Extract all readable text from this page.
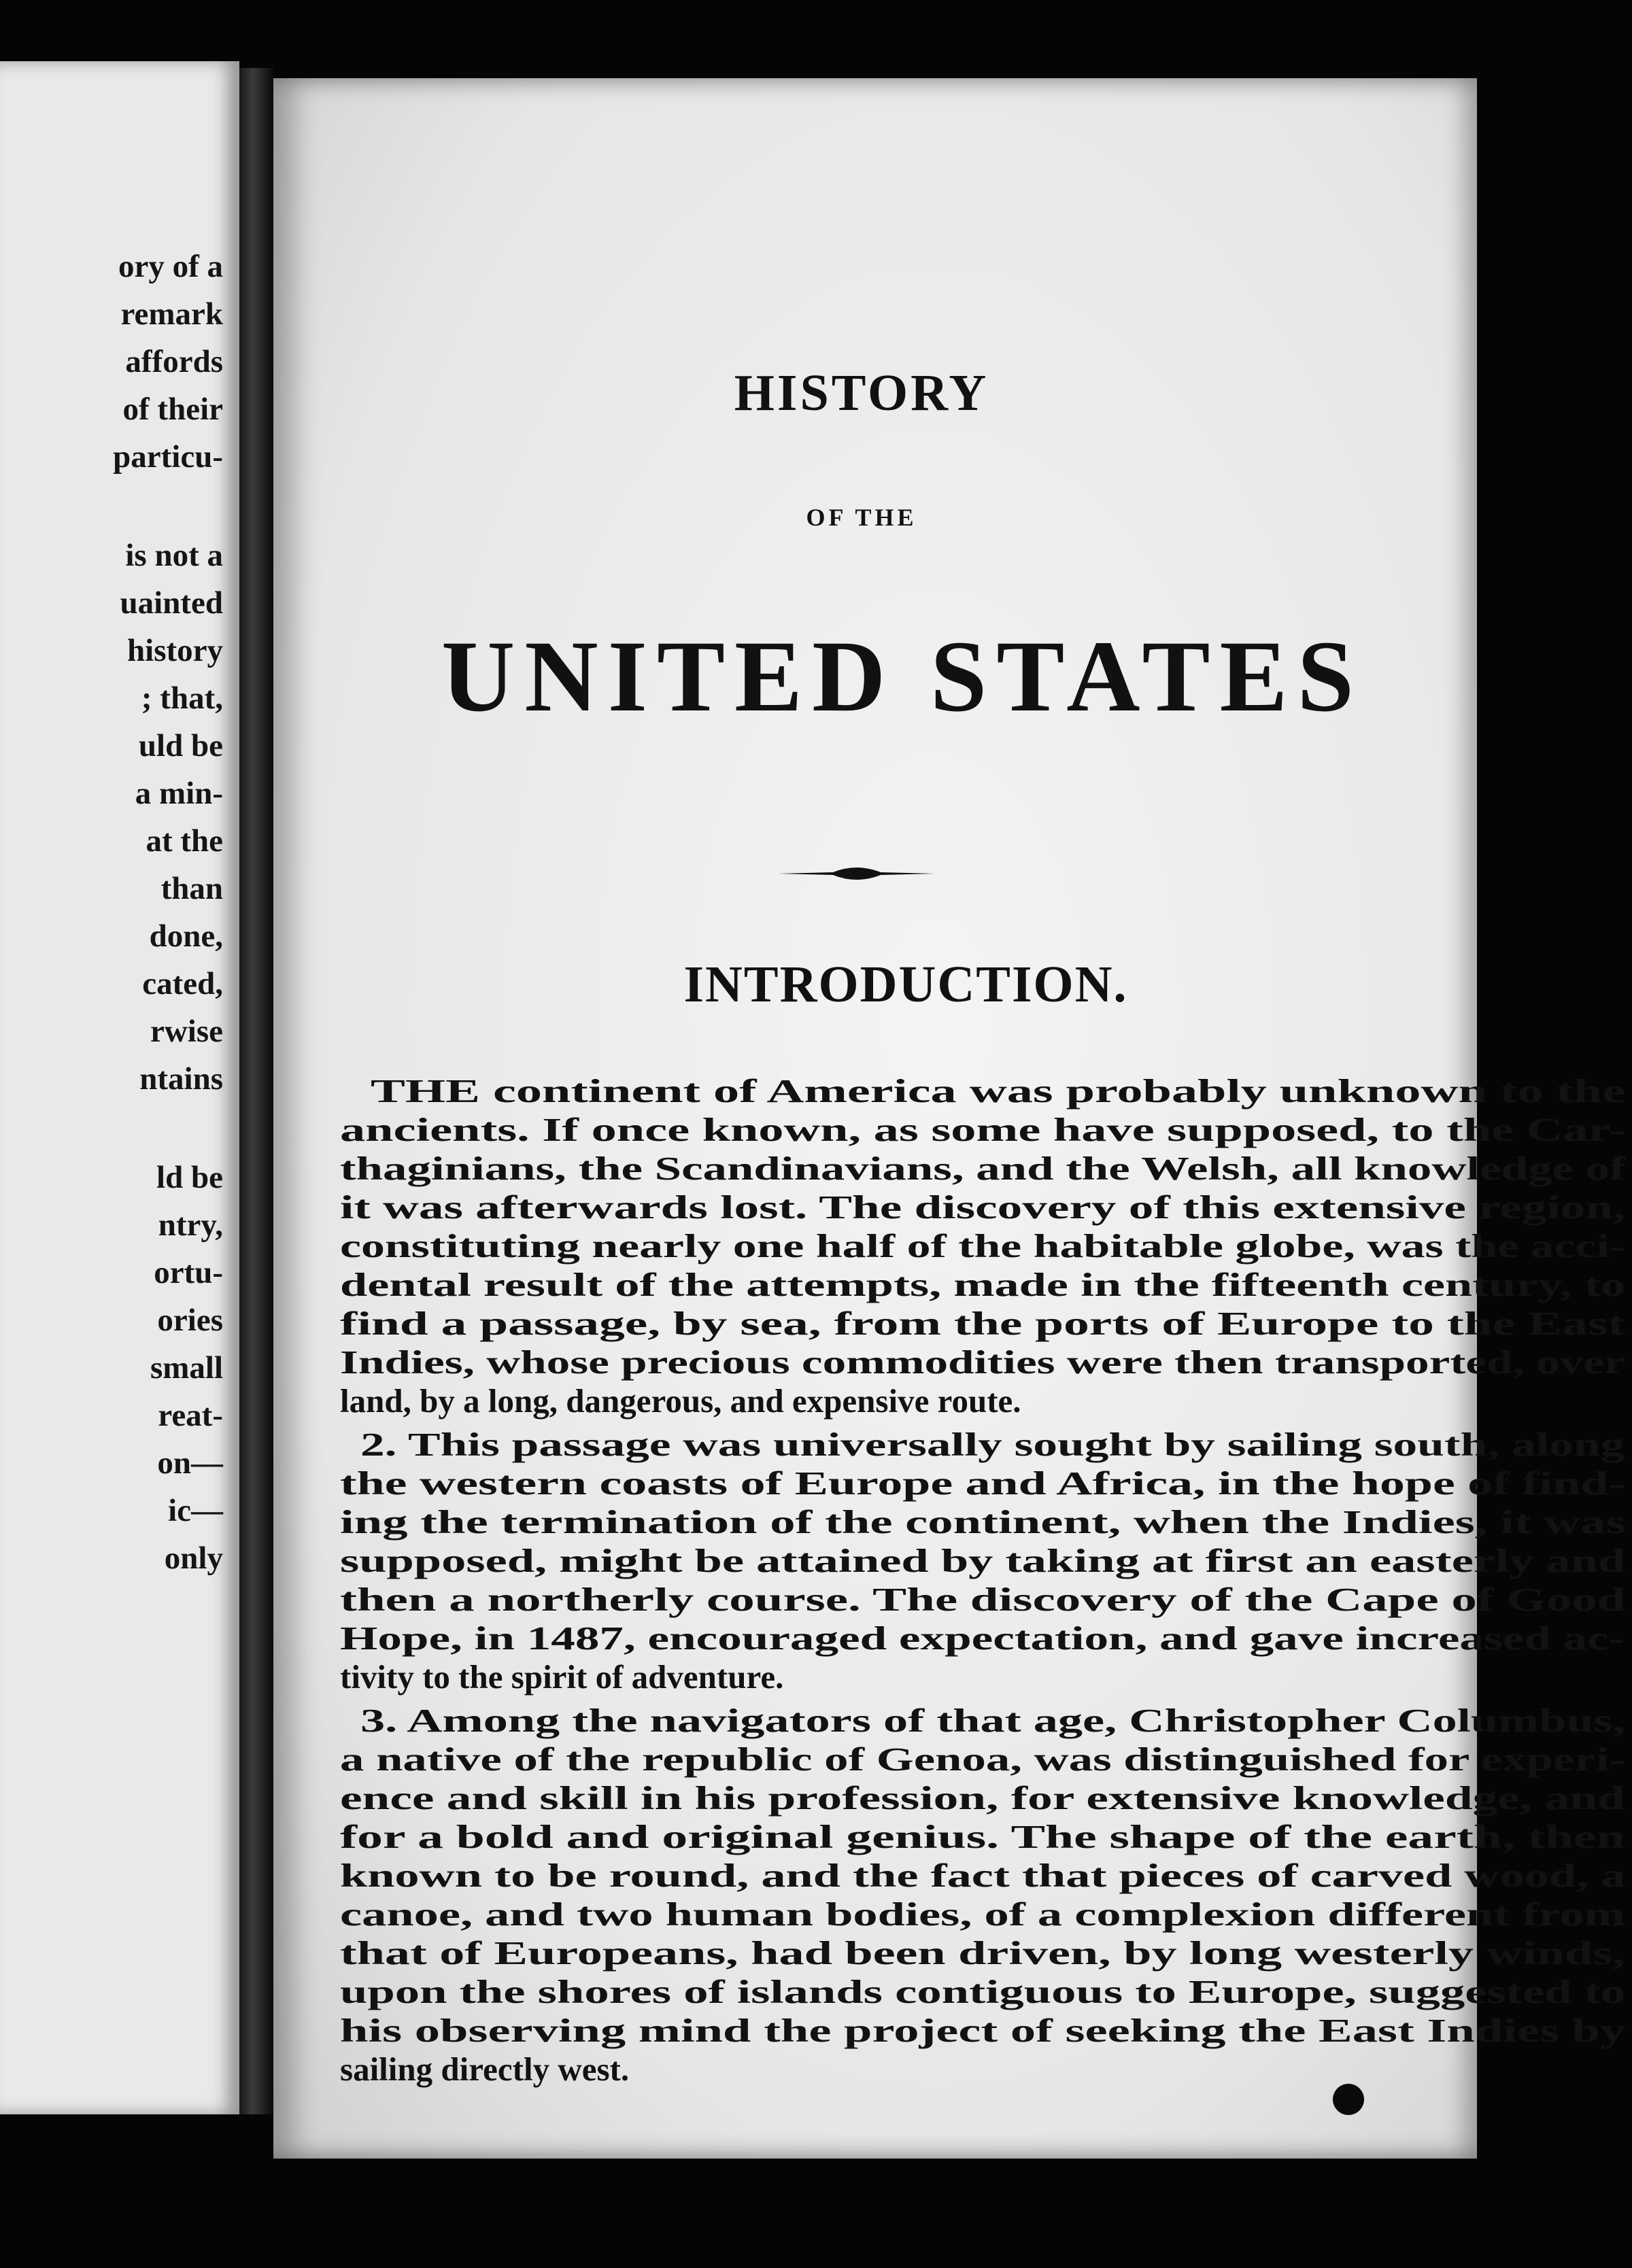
ory of a
remark
affords
of their
particu-
is not a
uainted
history
; that,
uld be
a min-
at the
than
done,
cated,
rwise
ntains
ld be
ntry,
ortu-
ories
small
reat-
on—
ic—
only
HISTORY
OF THE
UNITED STATES
INTRODUCTION.
THE continent of America was probably unknown to the
ancients. If once known, as some have supposed, to the Car-
thaginians, the Scandinavians, and the Welsh, all knowledge of
it was afterwards lost. The discovery of this extensive region,
constituting nearly one half of the habitable globe, was the acci-
dental result of the attempts, made in the fifteenth century, to
find a passage, by sea, from the ports of Europe to the East
Indies, whose precious commodities were then transported, over
land, by a long, dangerous, and expensive route.
2. This passage was universally sought by sailing south, along
the western coasts of Europe and Africa, in the hope of find-
ing the termination of the continent, when the Indies, it was
supposed, might be attained by taking at first an easterly and
then a northerly course. The discovery of the Cape of Good
Hope, in 1487, encouraged expectation, and gave increased ac-
tivity to the spirit of adventure.
3. Among the navigators of that age, Christopher Columbus,
a native of the republic of Genoa, was distinguished for experi-
ence and skill in his profession, for extensive knowledge, and
for a bold and original genius. The shape of the earth, then
known to be round, and the fact that pieces of carved wood, a
canoe, and two human bodies, of a complexion different from
that of Europeans, had been driven, by long westerly winds,
upon the shores of islands contiguous to Europe, suggested to
his observing mind the project of seeking the East Indies by
sailing directly west.
